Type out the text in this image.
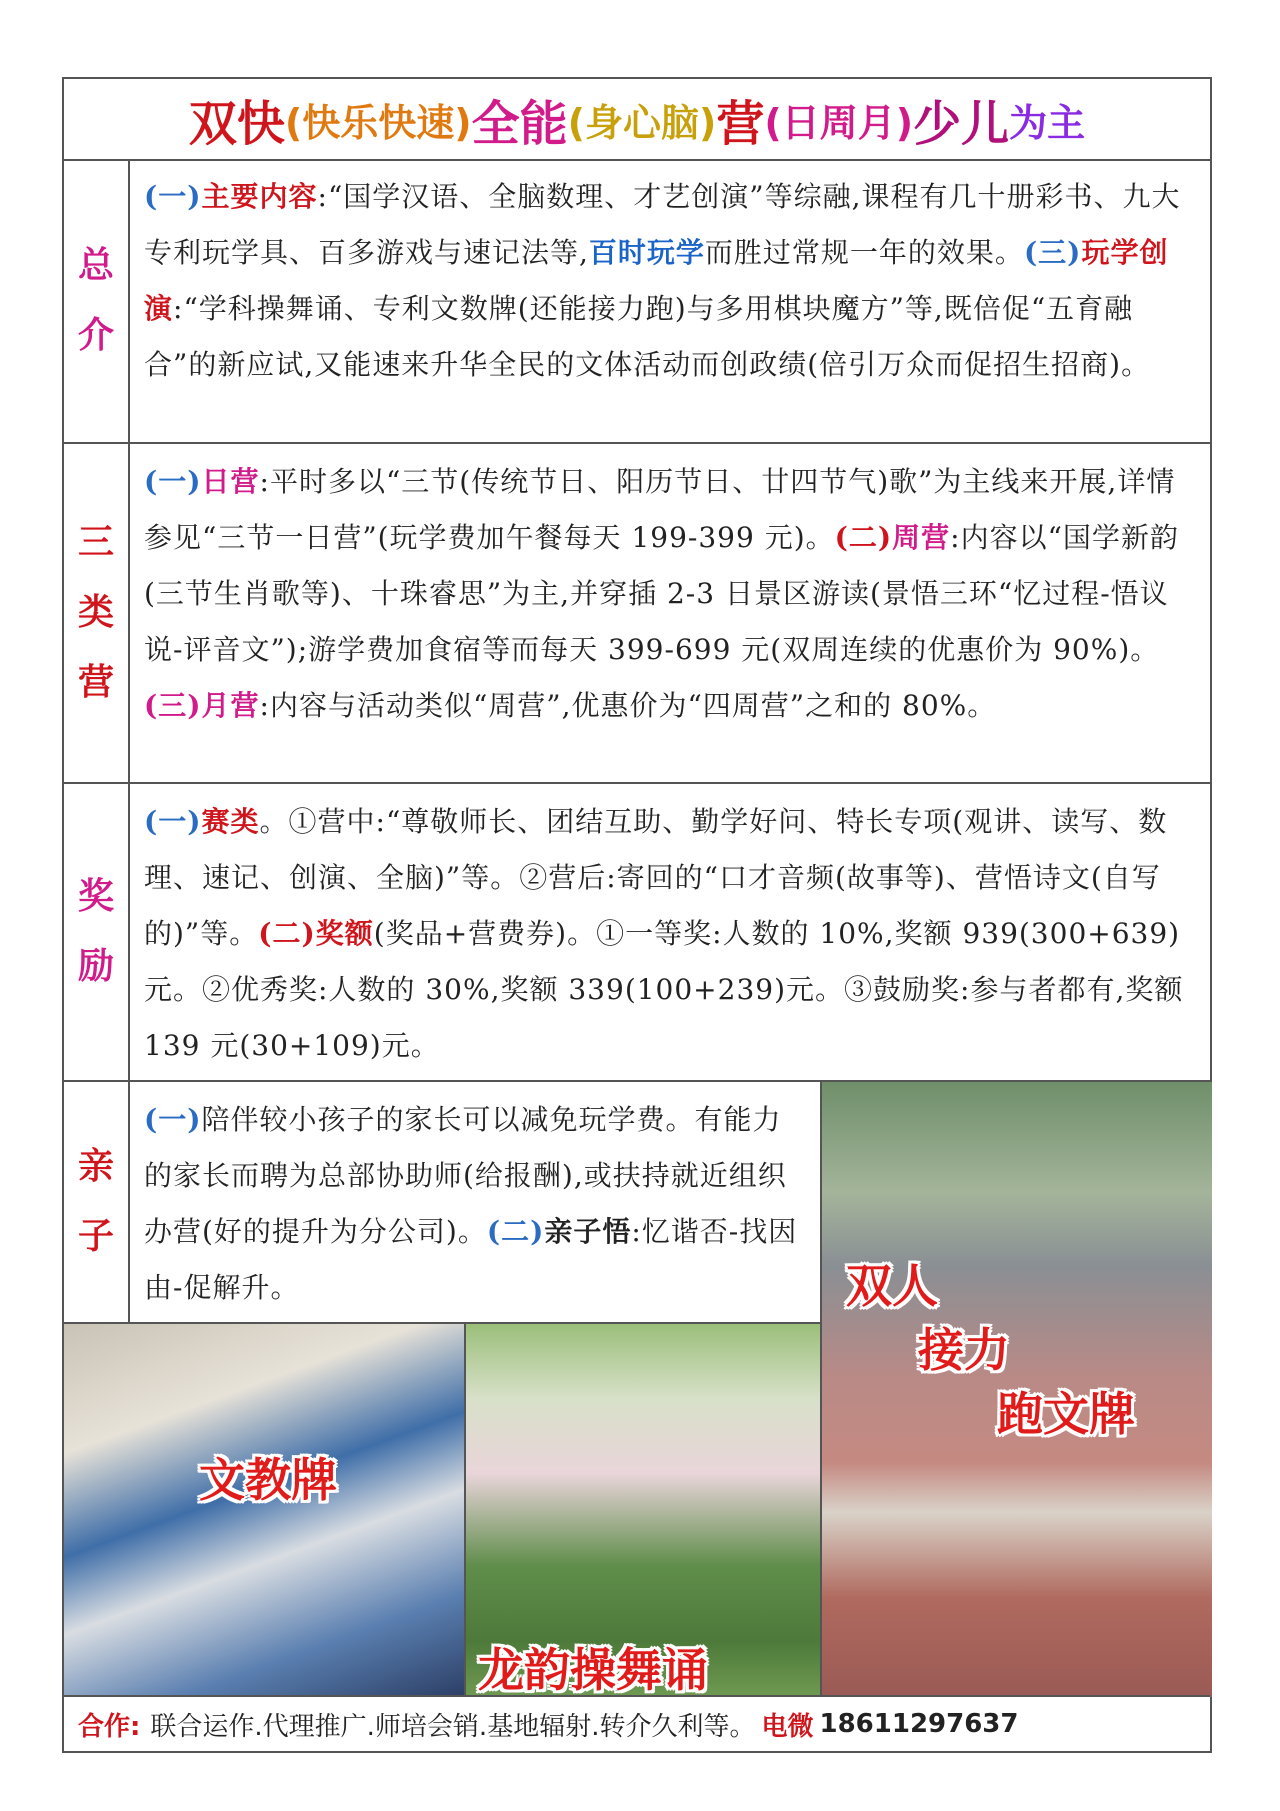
双快 (快乐快速) 全能 (身心脑) 营 (日周月) 少儿 为主
总
介

(一)主要内容:“国学汉语、全脑数理、才艺创演”等综融,课程有几十册彩书、九大专利玩学具、百多游戏与速记法等,百时玩学而胜过常规一年的效果。(三)玩学创演:“学科操舞诵、专利文数牌(还能接力跑)与多用棋块魔方”等,既倍促“五育融合”的新应试,又能速来升华全民的文体活动而创政绩(倍引万众而促招生招商)。

三
类
营

(一)日营:平时多以“三节(传统节日、阳历节日、廿四节气)歌”为主线来开展,详情参见“三节一日营”(玩学费加午餐每天 199-399 元)。(二)周营:内容以“国学新韵(三节生肖歌等)、十珠睿思”为主,并穿插 2-3 日景区游读(景悟三环“忆过程-悟议说-评音文”);游学费加食宿等而每天 399-699 元(双周连续的优惠价为 90%)。(三)月营:内容与活动类似“周营”,优惠价为“四周营”之和的 80%。

奖
励

(一)赛类。①营中:“尊敬师长、团结互助、勤学好问、特长专项(观讲、读写、数理、速记、创演、全脑)”等。②营后:寄回的“口才音频(故事等)、营悟诗文(自写的)”等。(二)奖额(奖品+营费券)。①一等奖:人数的 10%,奖额 939(300+639)元。②优秀奖:人数的 30%,奖额 339(100+239)元。③鼓励奖:参与者都有,奖额 139 元(30+109)元。

亲
子

(一)陪伴较小孩子的家长可以减免玩学费。有能力的家长而聘为总部协助师(给报酬),或扶持就近组织办营(好的提升为分公司)。(二)亲子悟:忆谐否-找因由-促解升。	双人
接力
跑文牌
文教牌
龙韵操舞诵
合作: 联合运作.代理推广.师培会销.基地辐射.转介久利等。 电微 18611297637
